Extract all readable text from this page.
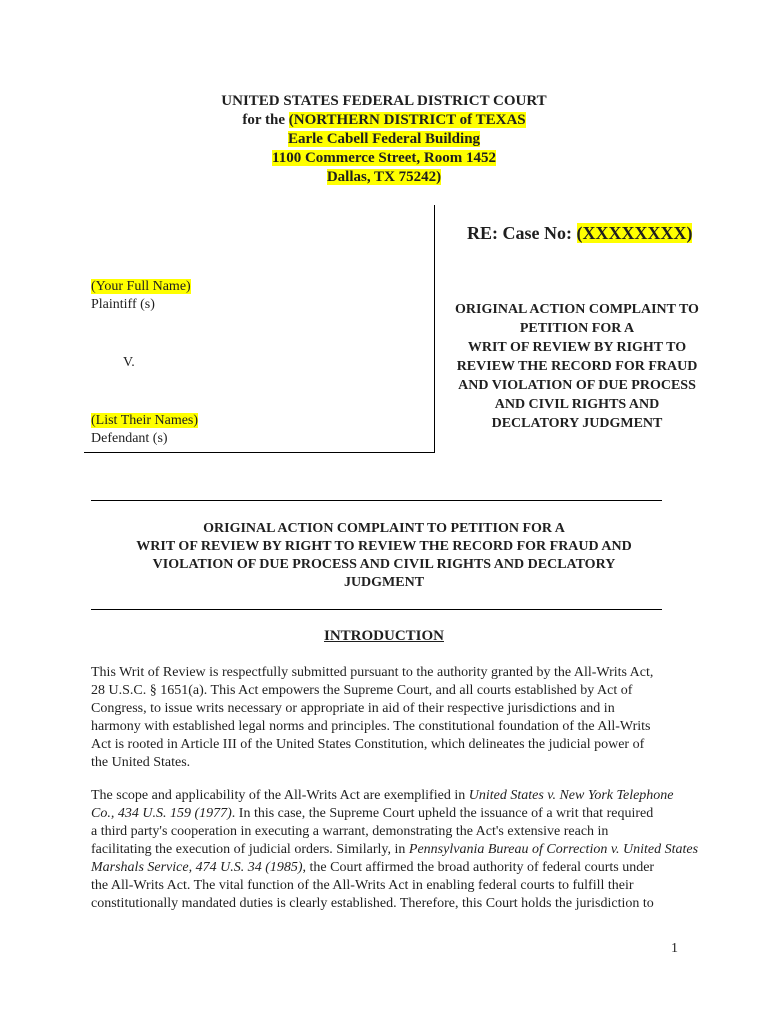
UNITED STATES FEDERAL DISTRICT COURT
for the (NORTHERN DISTRICT of TEXAS
Earle Cabell Federal Building
1100 Commerce Street, Room 1452
Dallas, TX 75242)
(Your Full Name)
Plaintiff (s)
V.
(List Their Names)
Defendant (s)
RE: Case No: (XXXXXXXX)
ORIGINAL ACTION COMPLAINT TO
PETITION FOR A
WRIT OF REVIEW BY RIGHT TO
REVIEW THE RECORD FOR FRAUD
AND VIOLATION OF DUE PROCESS
AND CIVIL RIGHTS AND
DECLATORY JUDGMENT
ORIGINAL ACTION COMPLAINT TO PETITION FOR A
WRIT OF REVIEW BY RIGHT TO REVIEW THE RECORD FOR FRAUD AND
VIOLATION OF DUE PROCESS AND CIVIL RIGHTS AND DECLATORY
JUDGMENT
INTRODUCTION
This Writ of Review is respectfully submitted pursuant to the authority granted by the All-Writs Act,
28 U.S.C. § 1651(a). This Act empowers the Supreme Court, and all courts established by Act of
Congress, to issue writs necessary or appropriate in aid of their respective jurisdictions and in
harmony with established legal norms and principles. The constitutional foundation of the All-Writs
Act is rooted in Article III of the United States Constitution, which delineates the judicial power of
the United States.
The scope and applicability of the All-Writs Act are exemplified in United States v. New York Telephone
Co., 434 U.S. 159 (1977). In this case, the Supreme Court upheld the issuance of a writ that required
a third party's cooperation in executing a warrant, demonstrating the Act's extensive reach in
facilitating the execution of judicial orders. Similarly, in Pennsylvania Bureau of Correction v. United States
Marshals Service, 474 U.S. 34 (1985), the Court affirmed the broad authority of federal courts under
the All-Writs Act. The vital function of the All-Writs Act in enabling federal courts to fulfill their
constitutionally mandated duties is clearly established. Therefore, this Court holds the jurisdiction to
1
